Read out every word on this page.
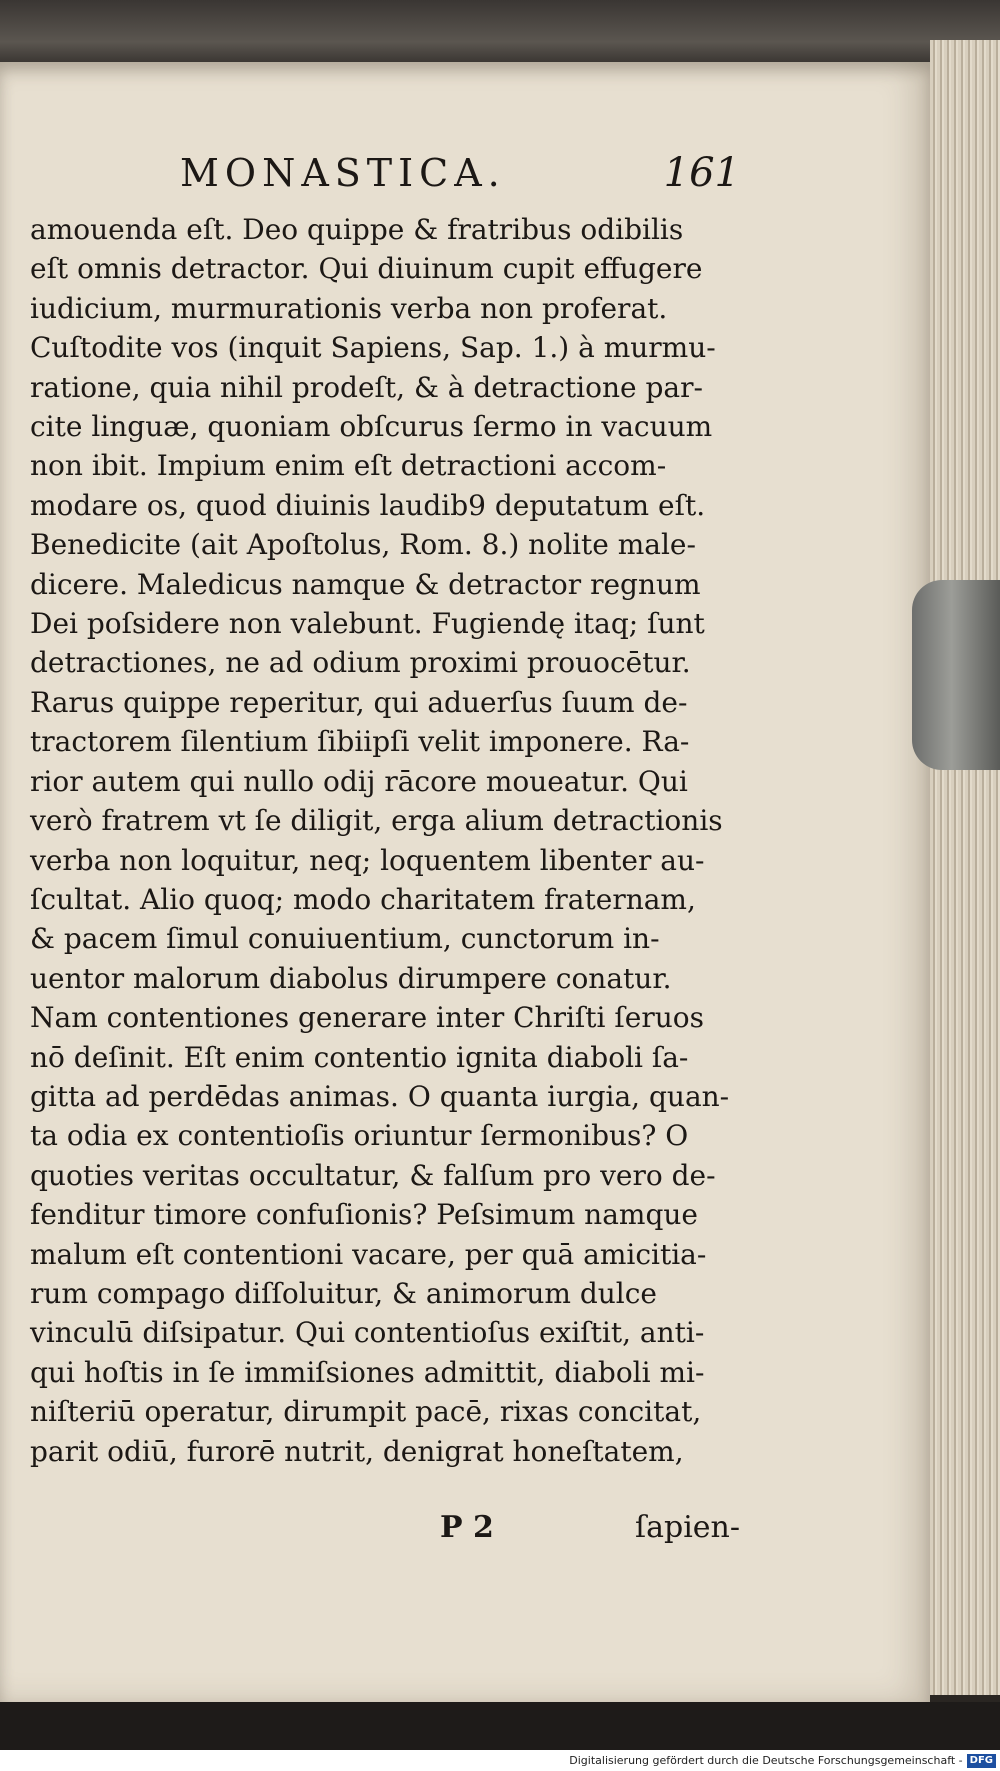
MONASTICA.	161
amouenda eſt. Deo quippe & fratribus odibilis
eſt omnis detractor. Qui diuinum cupit effugere
iudicium, murmurationis verba non proferat.
Cuſtodite vos (inquit Sapiens, Sap. 1.) à murmu-
ratione, quia nihil prodeſt, & à detractione par-
cite linguæ, quoniam obſcurus ſermo in vacuum
non ibit. Impium enim eſt detractioni accom-
modare os, quod diuinis laudib9 deputatum eſt.
Benedicite (ait Apoſtolus, Rom. 8.) nolite male-
dicere. Maledicus namque & detractor regnum
Dei poſsidere non valebunt. Fugiendę itaq; ſunt
detractiones, ne ad odium proximi prouocētur.
Rarus quippe reperitur, qui aduerſus ſuum de-
tractorem ſilentium ſibiipſi velit imponere. Ra-
rior autem qui nullo odij rācore moueatur. Qui
verò fratrem vt ſe diligit, erga alium detractionis
verba non loquitur, neq; loquentem libenter au-
ſcultat. Alio quoq; modo charitatem fraternam,
& pacem ſimul conuiuentium, cunctorum in-
uentor malorum diabolus dirumpere conatur.
Nam contentiones generare inter Chriſti ſeruos
nō deſinit. Eſt enim contentio ignita diaboli ſa-
gitta ad perdēdas animas. O quanta iurgia, quan-
ta odia ex contentioſis oriuntur ſermonibus? O
quoties veritas occultatur, & falſum pro vero de-
fenditur timore confuſionis? Peſsimum namque
malum eſt contentioni vacare, per quā amicitia-
rum compago diſſoluitur, & animorum dulce
vinculū diſsipatur. Qui contentioſus exiſtit, anti-
qui hoſtis in ſe immiſsiones admittit, diaboli mi-
niſteriū operatur, dirumpit pacē, rixas concitat,
parit odiū, furorē nutrit, denigrat honeſtatem,
P 2	ſapien-
Digitalisierung gefördert durch die Deutsche Forschungsgemeinschaft - DFG
